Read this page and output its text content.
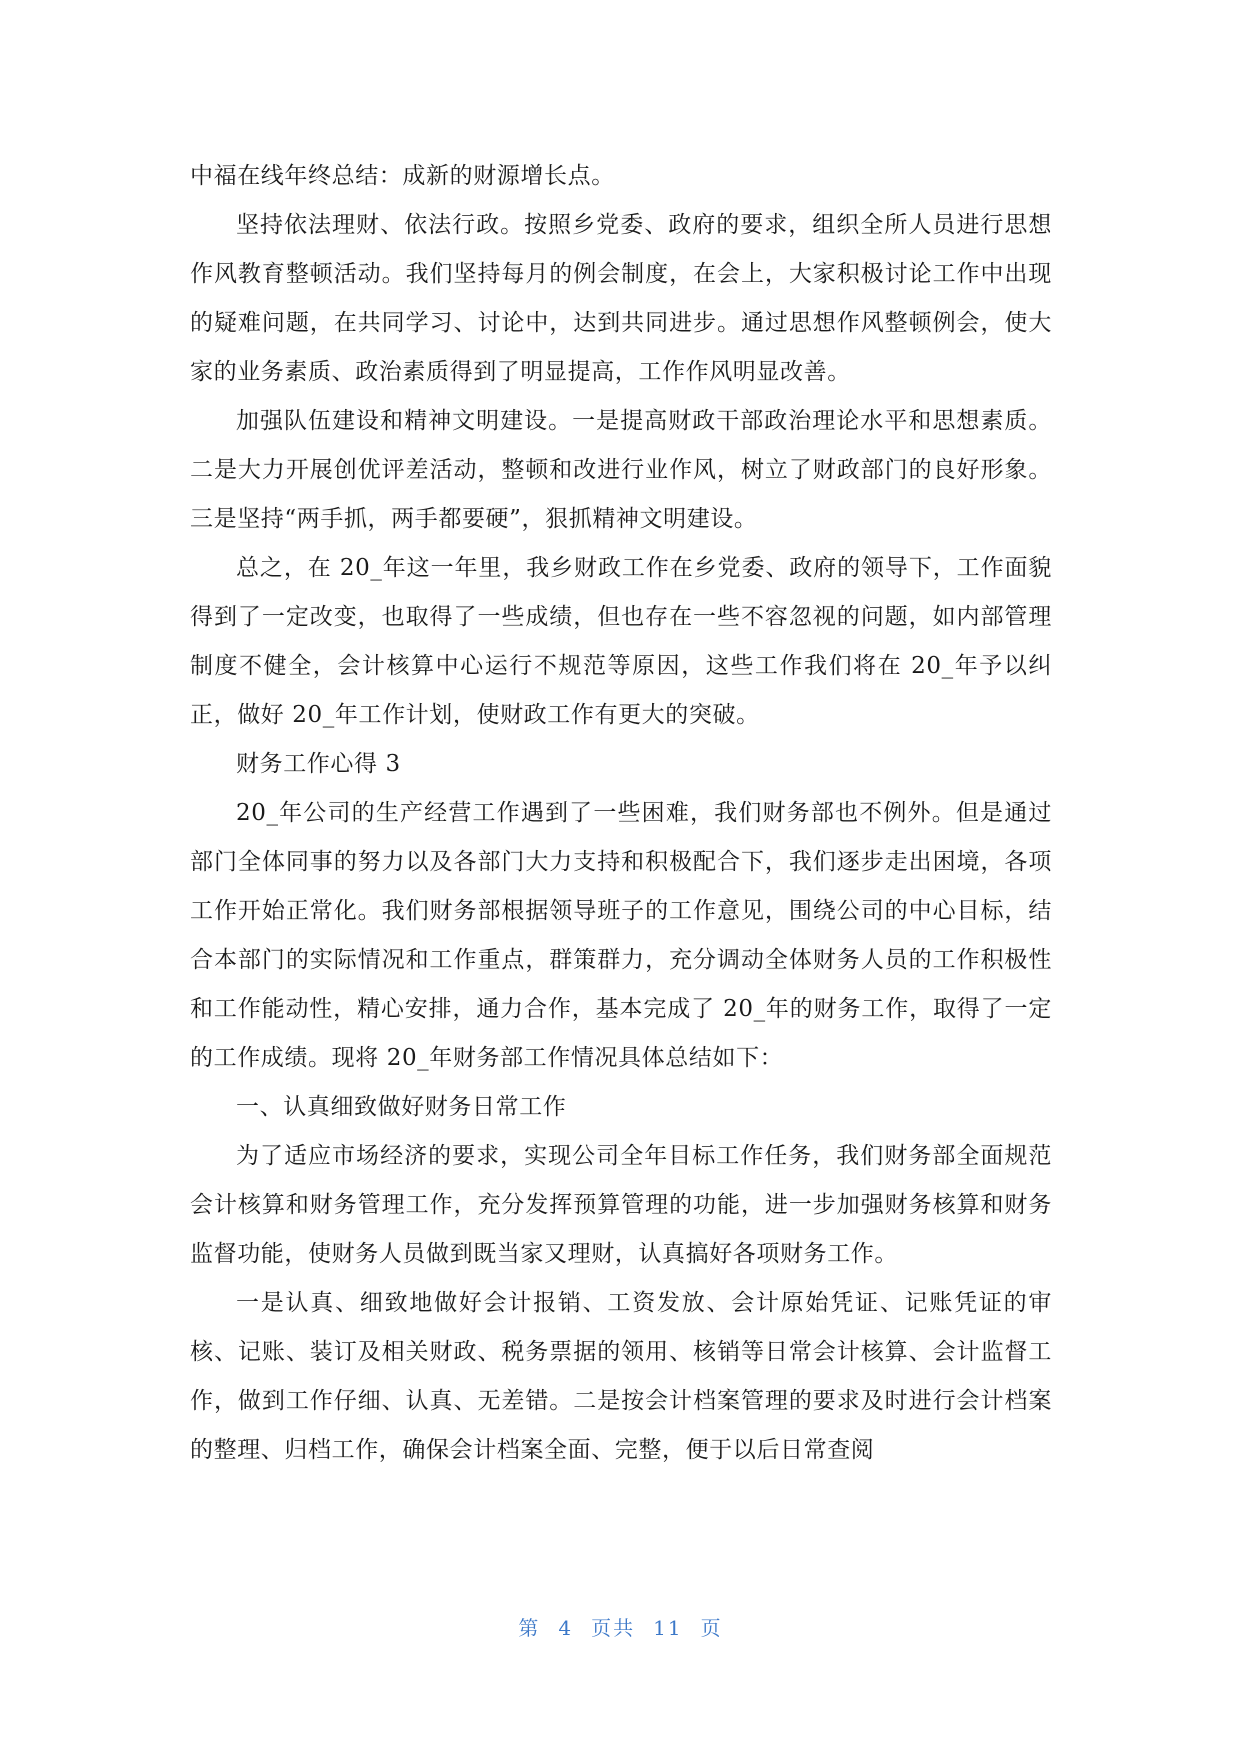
中福在线年终总结：成新的财源增长点。

坚持依法理财、依法行政。按照乡党委、政府的要求，组织全所人员进行思想作风教育整顿活动。我们坚持每月的例会制度，在会上，大家积极讨论工作中出现的疑难问题，在共同学习、讨论中，达到共同进步。通过思想作风整顿例会，使大家的业务素质、政治素质得到了明显提高，工作作风明显改善。

加强队伍建设和精神文明建设。一是提高财政干部政治理论水平和思想素质。二是大力开展创优评差活动，整顿和改进行业作风，树立了财政部门的良好形象。三是坚持“两手抓，两手都要硬”，狠抓精神文明建设。

总之，在 20_年这一年里，我乡财政工作在乡党委、政府的领导下，工作面貌得到了一定改变，也取得了一些成绩，但也存在一些不容忽视的问题，如内部管理制度不健全，会计核算中心运行不规范等原因，这些工作我们将在 20_年予以纠正，做好 20_年工作计划，使财政工作有更大的突破。

财务工作心得 3

20_年公司的生产经营工作遇到了一些困难，我们财务部也不例外。但是通过部门全体同事的努力以及各部门大力支持和积极配合下，我们逐步走出困境，各项工作开始正常化。我们财务部根据领导班子的工作意见，围绕公司的中心目标，结合本部门的实际情况和工作重点，群策群力，充分调动全体财务人员的工作积极性和工作能动性，精心安排，通力合作，基本完成了 20_年的财务工作，取得了一定的工作成绩。现将 20_年财务部工作情况具体总结如下：

一、认真细致做好财务日常工作

为了适应市场经济的要求，实现公司全年目标工作任务，我们财务部全面规范会计核算和财务管理工作，充分发挥预算管理的功能，进一步加强财务核算和财务监督功能，使财务人员做到既当家又理财，认真搞好各项财务工作。

一是认真、细致地做好会计报销、工资发放、会计原始凭证、记账凭证的审核、记账、装订及相关财政、税务票据的领用、核销等日常会计核算、会计监督工作，做到工作仔细、认真、无差错。二是按会计档案管理的要求及时进行会计档案的整理、归档工作，确保会计档案全面、完整，便于以后日常查阅

第 4 页共 11 页
